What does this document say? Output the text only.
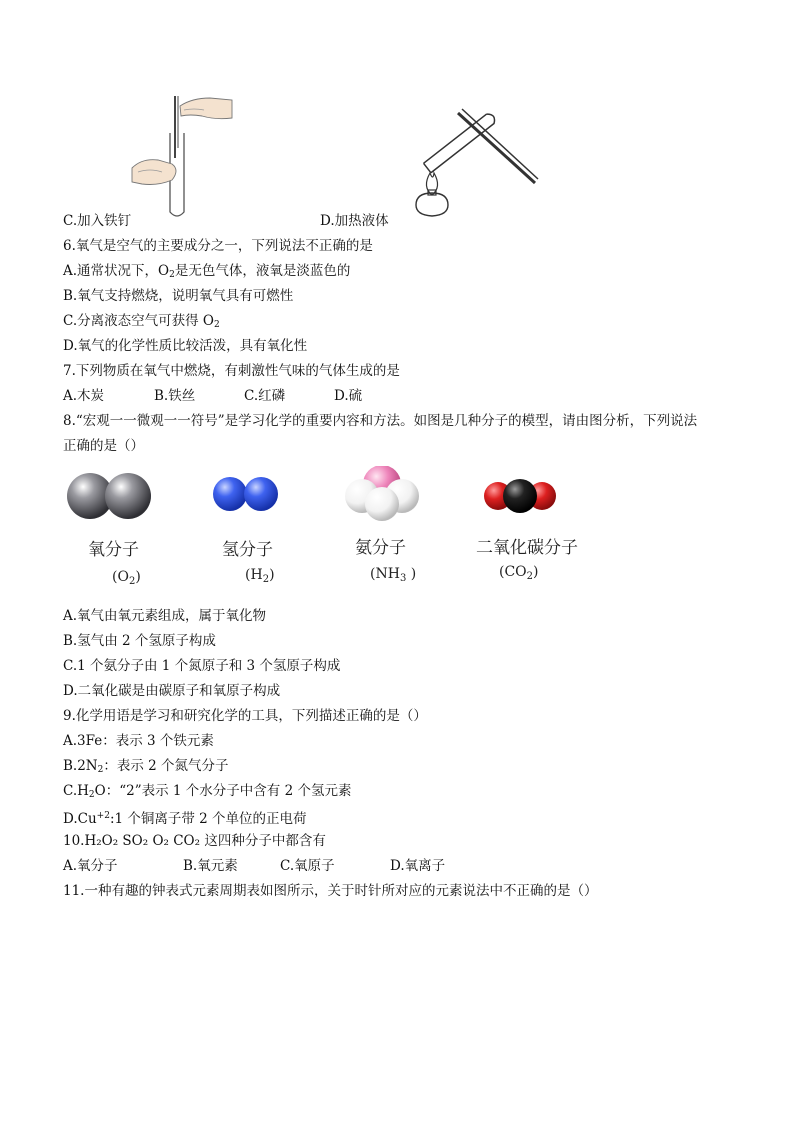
C.加入铁钉	D.加热液体
6.氧气是空气的主要成分之一，下列说法不正确的是
A.通常状况下，$O_2$是无色气体，液氧是淡蓝色的
B.氧气支持燃烧，说明氧气具有可燃性
C.分离液态空气可获得 $O_2$
D.氧气的化学性质比较活泼，具有氧化性
7.下列物质在氧气中燃烧，有刺激性气味的气体生成的是
A.木炭	B.铁丝	C.红磷	D.硫
8.“宏观一一微观一一符号”是学习化学的重要内容和方法。如图是几种分子的模型，请由图分析，下列说法
正确的是（）
氧分子	氢分子	氨分子	二氧化碳分子
$(O_2)$	$(H_2)$	($NH_3$ )	$(CO_2)$
A.氧气由氧元素组成，属于氧化物
B.氢气由 2 个氢原子构成
C.1 个氨分子由 1 个氮原子和 3 个氢原子构成
D.二氧化碳是由碳原子和氧原子构成
9.化学用语是学习和研究化学的工具，下列描述正确的是（）
A.3Fe：表示 3 个铁元素
$B.2N_2$：表示 2 个氮气分子
$C.H_2O$：“2”表示 1 个水分子中含有 2 个氢元素
$D.Cu^{+2}:1$ 个铜离子带 2 个单位的正电荷
10.H₂O₂ SO₂ O₂ CO₂ 这四种分子中都含有
A.氧分子	B.氧元素	C.氧原子	D.氧离子
11.一种有趣的钟表式元素周期表如图所示，关于时针所对应的元素说法中不正确的是（）
